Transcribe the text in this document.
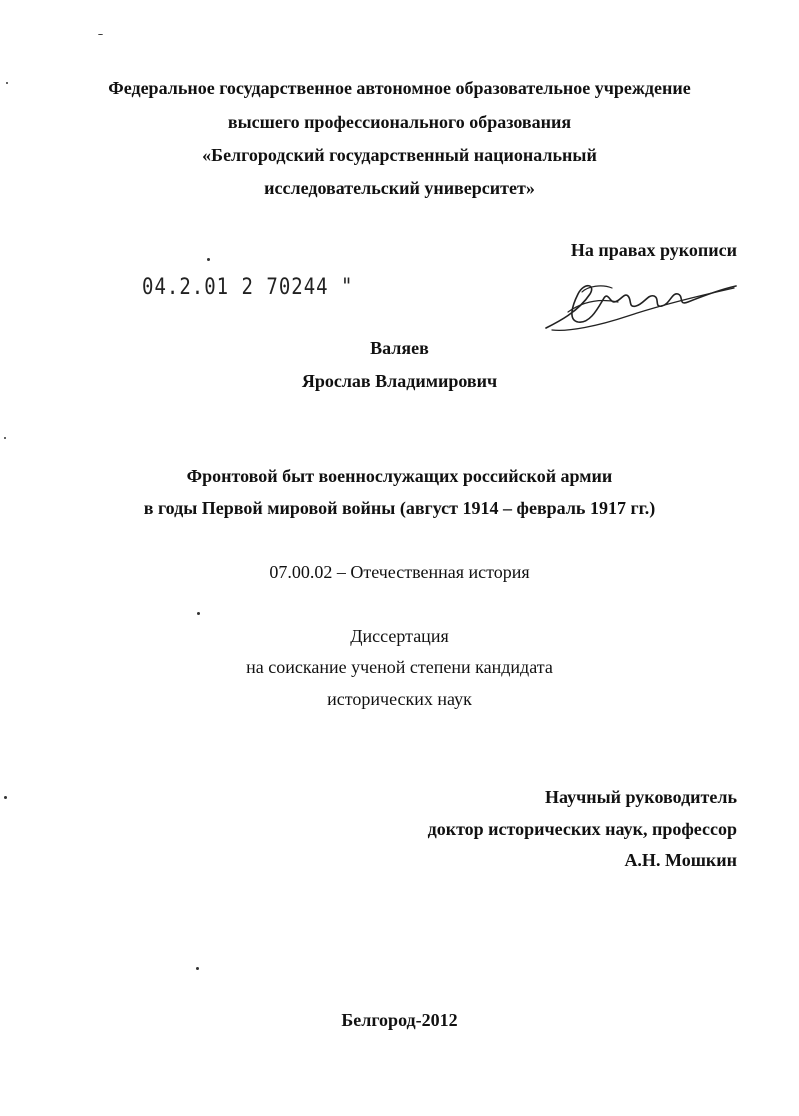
Федеральное государственное автономное образовательное учреждение
высшего профессионального образования
«Белгородский государственный национальный
исследовательский университет»
На правах рукописи
04.2.01 2 70244 "
Валяев
Ярослав Владимирович
Фронтовой быт военнослужащих российской армии
в годы Первой мировой войны (август 1914 – февраль 1917 гг.)
07.00.02 – Отечественная история
Диссертация
на соискание ученой степени кандидата
исторических наук
Научный руководитель
доктор исторических наук, профессор
А.Н. Мошкин
Белгород-2012
